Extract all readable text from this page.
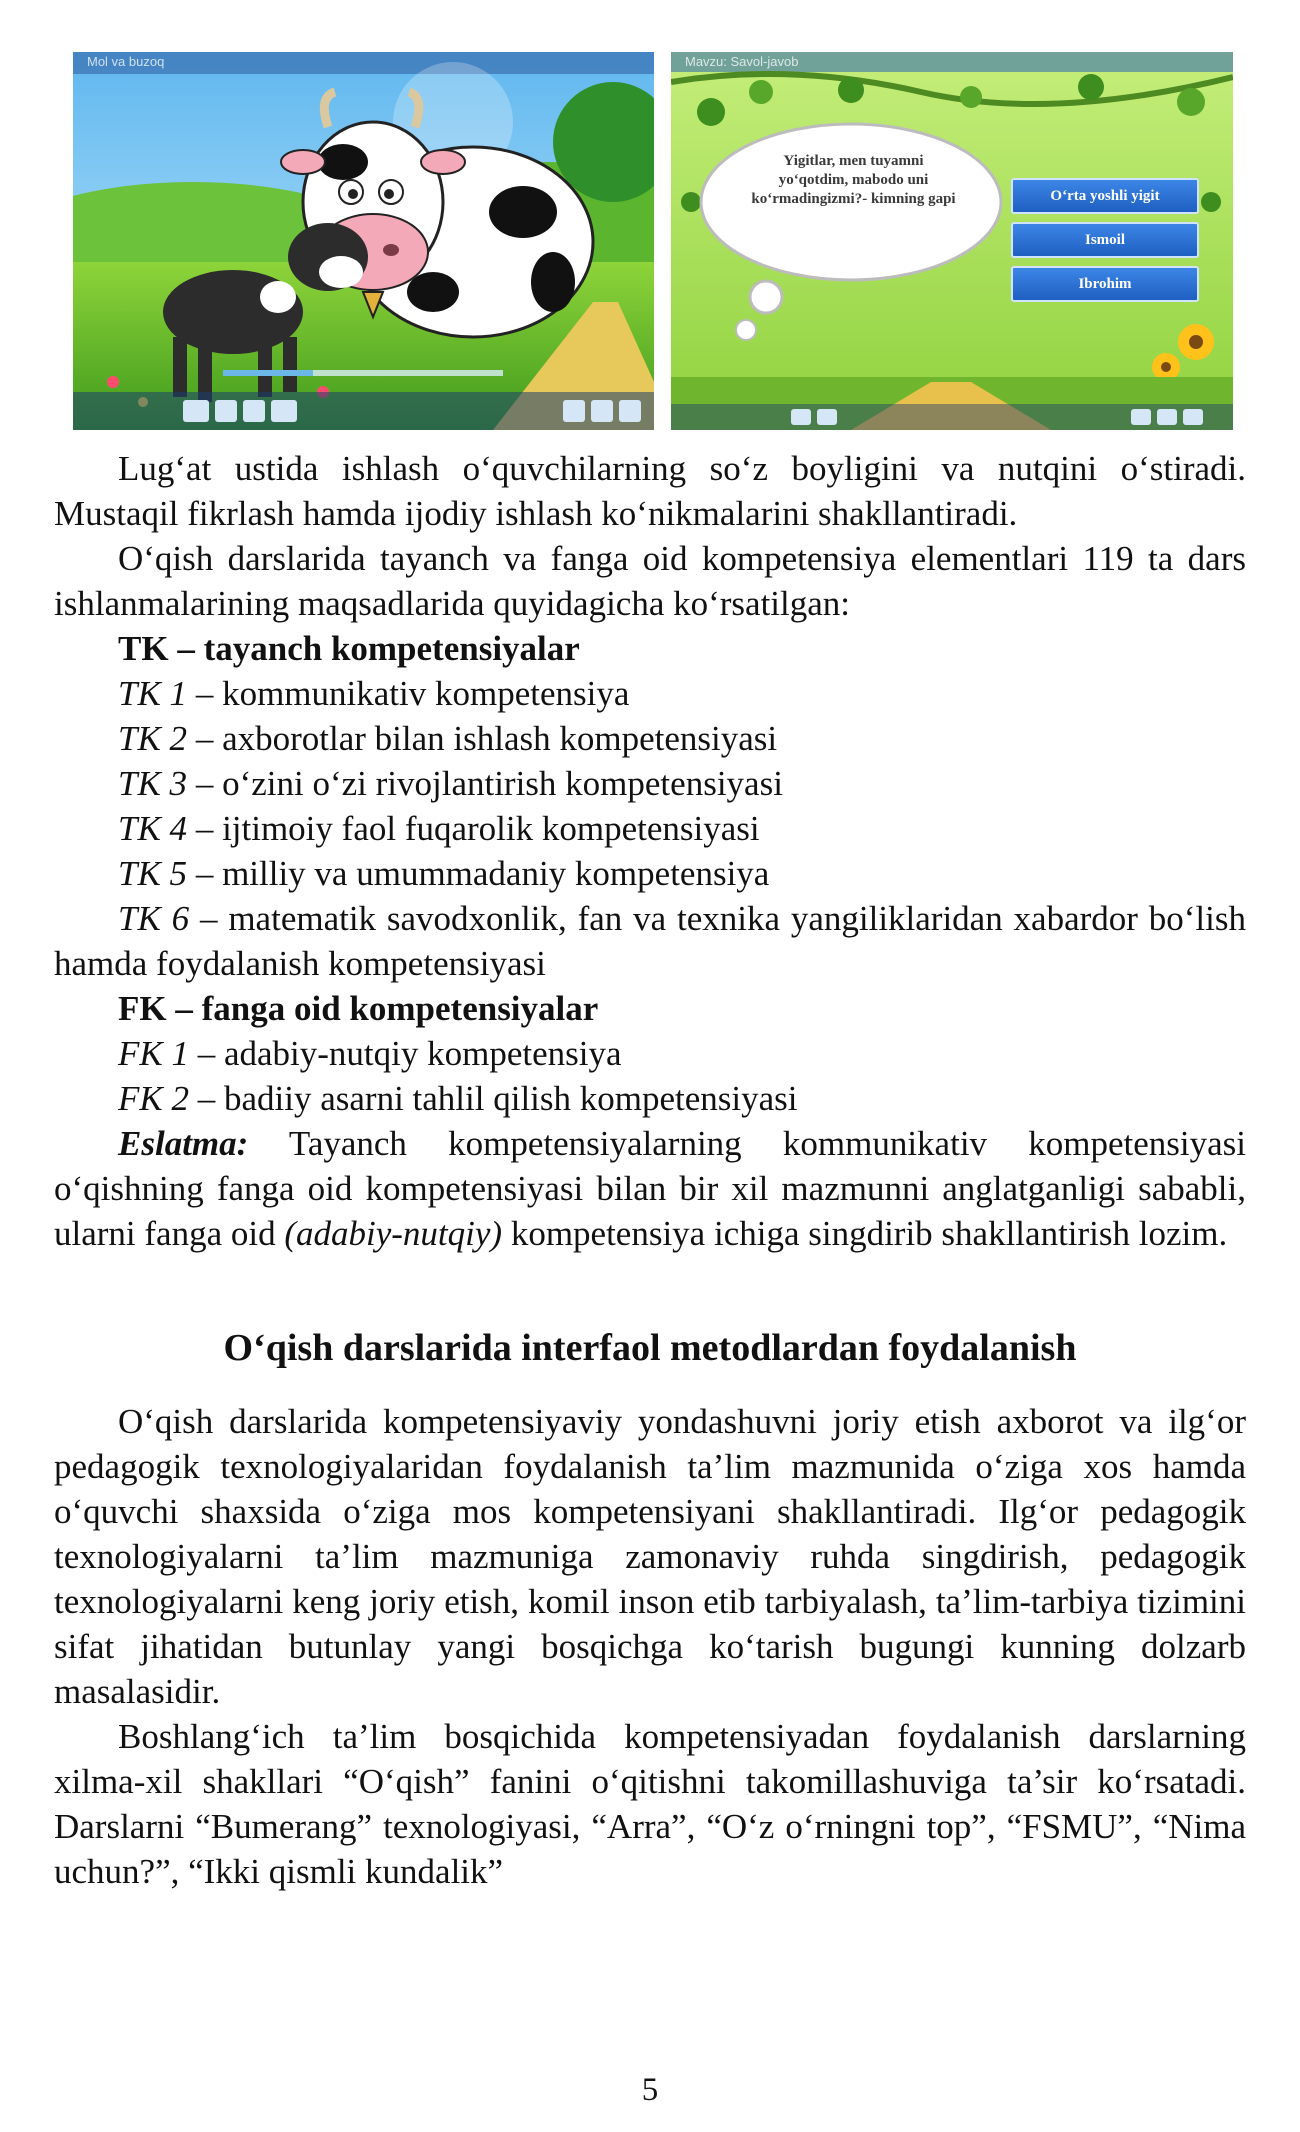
Mol va buzoq	Mavzu: Savol-javob
Yigitlar, men tuyamni yo‘qotdim, mabodo uni ko‘rmadingizmi?- kimning gapi	O‘rta yoshli yigit
Ismoil
Ibrohim

Lug‘at ustida ishlash o‘quvchilarning so‘z boyligini va nutqini o‘stiradi. Mustaqil fikrlash hamda ijodiy ishlash ko‘nikmalarini shakllantiradi.

O‘qish darslarida tayanch va fanga oid kompetensiya elementlari 119 ta dars ishlanmalarining maqsadlarida quyidagicha ko‘rsatilgan:

TK – tayanch kompetensiyalar

TK 1 – kommunikativ kompetensiya

TK 2 – axborotlar bilan ishlash kompetensiyasi

TK 3 – o‘zini o‘zi rivojlantirish kompetensiyasi

TK 4 – ijtimoiy faol fuqarolik kompetensiyasi

TK 5 – milliy va umummadaniy kompetensiya

TK 6 – matematik savodxonlik, fan va texnika yangiliklaridan xabardor bo‘lish hamda foydalanish kompetensiyasi

FK – fanga oid kompetensiyalar

FK 1 – adabiy-nutqiy kompetensiya

FK 2 – badiiy asarni tahlil qilish kompetensiyasi

Eslatma: Tayanch kompetensiyalarning kommunikativ kompetensiyasi o‘qishning fanga oid kompetensiyasi bilan bir xil mazmunni anglatganligi sababli, ularni fanga oid (adabiy-nutqiy) kompetensiya ichiga singdirib shakllantirish lozim.

O‘qish darslarida interfaol metodlardan foydalanish

O‘qish darslarida kompetensiyaviy yondashuvni joriy etish axborot va ilg‘or pedagogik texnologiyalaridan foydalanish ta’lim mazmunida o‘ziga xos hamda o‘quvchi shaxsida o‘ziga mos kompetensiyani shakllantiradi. Ilg‘or pedagogik texnologiyalarni ta’lim mazmuniga zamonaviy ruhda singdirish, pedagogik texnologiyalarni keng joriy etish, komil inson etib tarbiyalash, ta’lim-tarbiya tizimini sifat jihatidan butunlay yangi bosqichga ko‘tarish bugungi kunning dolzarb masalasidir.

Boshlang‘ich ta’lim bosqichida kompetensiyadan foydalanish darslarning xilma-xil shakllari “O‘qish” fanini o‘qitishni takomillashuviga ta’sir ko‘rsatadi. Darslarni “Bumerang” texnologiyasi, “Arra”, “O‘z o‘rningni top”, “FSMU”, “Nima uchun?”, “Ikki qismli kundalik”

5
